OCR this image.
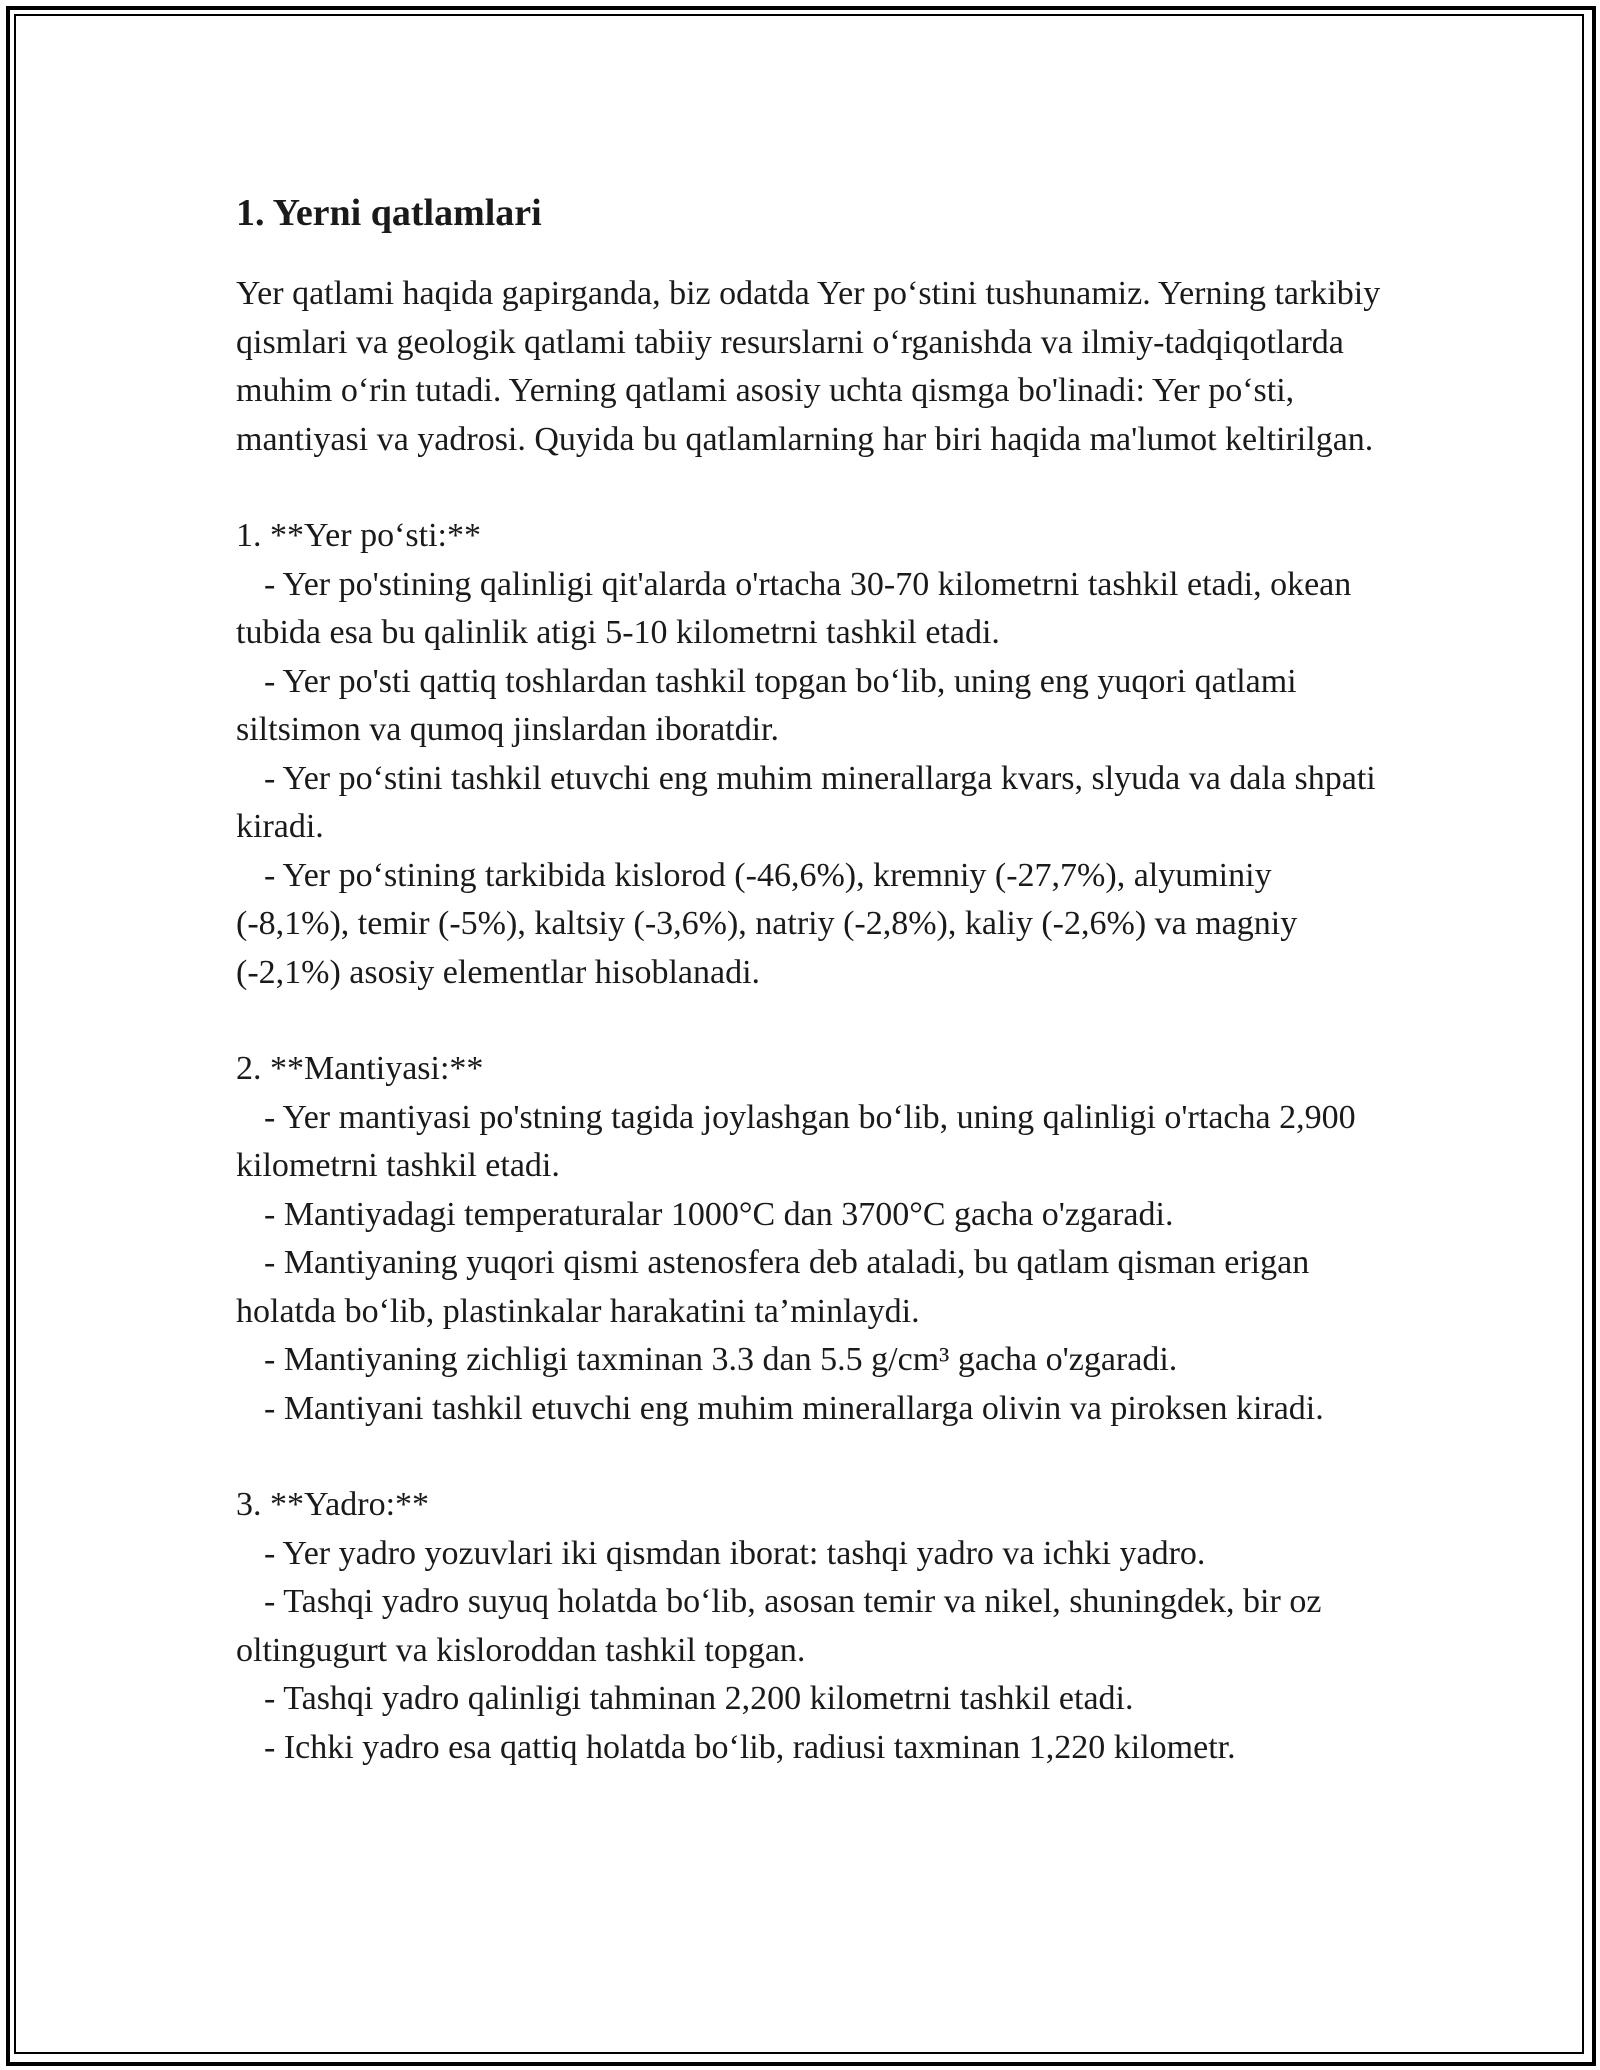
1. Yerni qatlamlari

Yer qatlami haqida gapirganda, biz odatda Yer po‘stini tushunamiz. Yerning tarkibiy qismlari va geologik qatlami tabiiy resurslarni o‘rganishda va ilmiy-tadqiqotlarda muhim o‘rin tutadi. Yerning qatlami asosiy uchta qismga bo'linadi: Yer po‘sti, mantiyasi va yadrosi. Quyida bu qatlamlarning har biri haqida ma'lumot keltirilgan.

1. **Yer po‘sti:**

- Yer po'stining qalinligi qit'alarda o'rtacha 30-70 kilometrni tashkil etadi, okean tubida esa bu qalinlik atigi 5-10 kilometrni tashkil etadi.

- Yer po'sti qattiq toshlardan tashkil topgan bo‘lib, uning eng yuqori qatlami siltsimon va qumoq jinslardan iboratdir.

- Yer po‘stini tashkil etuvchi eng muhim minerallarga kvars, slyuda va dala shpati kiradi.

- Yer po‘stining tarkibida kislorod (-46,6%), kremniy (-27,7%), alyuminiy (-8,1%), temir (-5%), kaltsiy (-3,6%), natriy (-2,8%), kaliy (-2,6%) va magniy (-2,1%) asosiy elementlar hisoblanadi.

2. **Mantiyasi:**

- Yer mantiyasi po'stning tagida joylashgan bo‘lib, uning qalinligi o'rtacha 2,900 kilometrni tashkil etadi.

- Mantiyadagi temperaturalar 1000°C dan 3700°C gacha o'zgaradi.

- Mantiyaning yuqori qismi astenosfera deb ataladi, bu qatlam qisman erigan holatda bo‘lib, plastinkalar harakatini ta’minlaydi.

- Mantiyaning zichligi taxminan 3.3 dan 5.5 g/cm³ gacha o'zgaradi.

- Mantiyani tashkil etuvchi eng muhim minerallarga olivin va piroksen kiradi.

3. **Yadro:**

- Yer yadro yozuvlari iki qismdan iborat: tashqi yadro va ichki yadro.

- Tashqi yadro suyuq holatda bo‘lib, asosan temir va nikel, shuningdek, bir oz oltingugurt va kisloroddan tashkil topgan.

- Tashqi yadro qalinligi tahminan 2,200 kilometrni tashkil etadi.

- Ichki yadro esa qattiq holatda bo‘lib, radiusi taxminan 1,220 kilometr.
